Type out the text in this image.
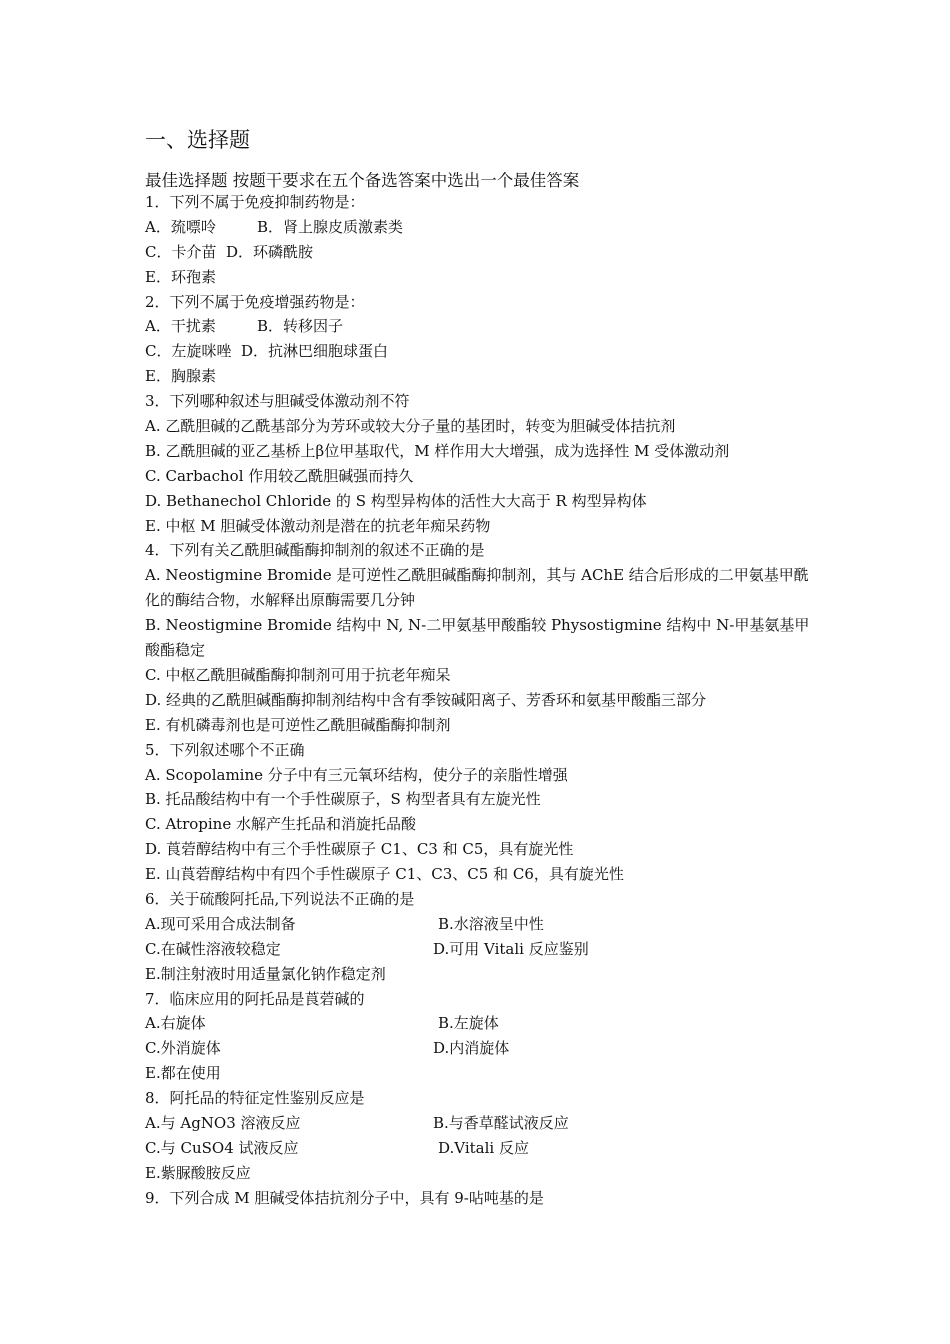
一、选择题
最佳选择题 按题干要求在五个备选答案中选出一个最佳答案
1．下列不属于免疫抑制药物是：
A．巯嘌呤	B．肾上腺皮质激素类
C．卡介苗
D．环磷酰胺
E．环孢素
2．下列不属于免疫增强药物是：
A．干扰素	B．转移因子
C．左旋咪唑
D．抗淋巴细胞球蛋白
E．胸腺素
3．下列哪种叙述与胆碱受体激动剂不符
A. 乙酰胆碱的乙酰基部分为芳环或较大分子量的基团时，转变为胆碱受体拮抗剂
B. 乙酰胆碱的亚乙基桥上β位甲基取代，M 样作用大大增强，成为选择性 M 受体激动剂
C. Carbachol 作用较乙酰胆碱强而持久
D. Bethanechol Chloride 的 S 构型异构体的活性大大高于 R 构型异构体
E. 中枢 M 胆碱受体激动剂是潜在的抗老年痴呆药物
4．下列有关乙酰胆碱酯酶抑制剂的叙述不正确的是
A. Neostigmine Bromide 是可逆性乙酰胆碱酯酶抑制剂，其与 AChE 结合后形成的二甲氨基甲酰化的酶结合物，水解释出原酶需要几分钟
B. Neostigmine Bromide 结构中 N, N-二甲氨基甲酸酯较 Physostigmine 结构中 N-甲基氨基甲酸酯稳定
C. 中枢乙酰胆碱酯酶抑制剂可用于抗老年痴呆
D. 经典的乙酰胆碱酯酶抑制剂结构中含有季铵碱阳离子、芳香环和氨基甲酸酯三部分
E. 有机磷毒剂也是可逆性乙酰胆碱酯酶抑制剂
5．下列叙述哪个不正确
A. Scopolamine 分子中有三元氧环结构，使分子的亲脂性增强
B. 托品酸结构中有一个手性碳原子，S 构型者具有左旋光性
C. Atropine 水解产生托品和消旋托品酸
D. 莨菪醇结构中有三个手性碳原子 C1、C3 和 C5，具有旋光性
E. 山莨菪醇结构中有四个手性碳原子 C1、C3、C5 和 C6，具有旋光性
6．关于硫酸阿托品,下列说法不正确的是
A.现可采用合成法制备	B.水溶液呈中性
C.在碱性溶液较稳定	D.可用 Vitali 反应鉴别
E.制注射液时用适量氯化钠作稳定剂
7．临床应用的阿托品是莨菪碱的
A.右旋体	B.左旋体
C.外消旋体	D.内消旋体
E.都在使用
8．阿托品的特征定性鉴别反应是
A.与 AgNO3 溶液反应	B.与香草醛试液反应
C.与 CuSO4 试液反应	D.Vitali 反应
E.紫脲酸胺反应
9．下列合成 M 胆碱受体拮抗剂分子中，具有 9-呫吨基的是
